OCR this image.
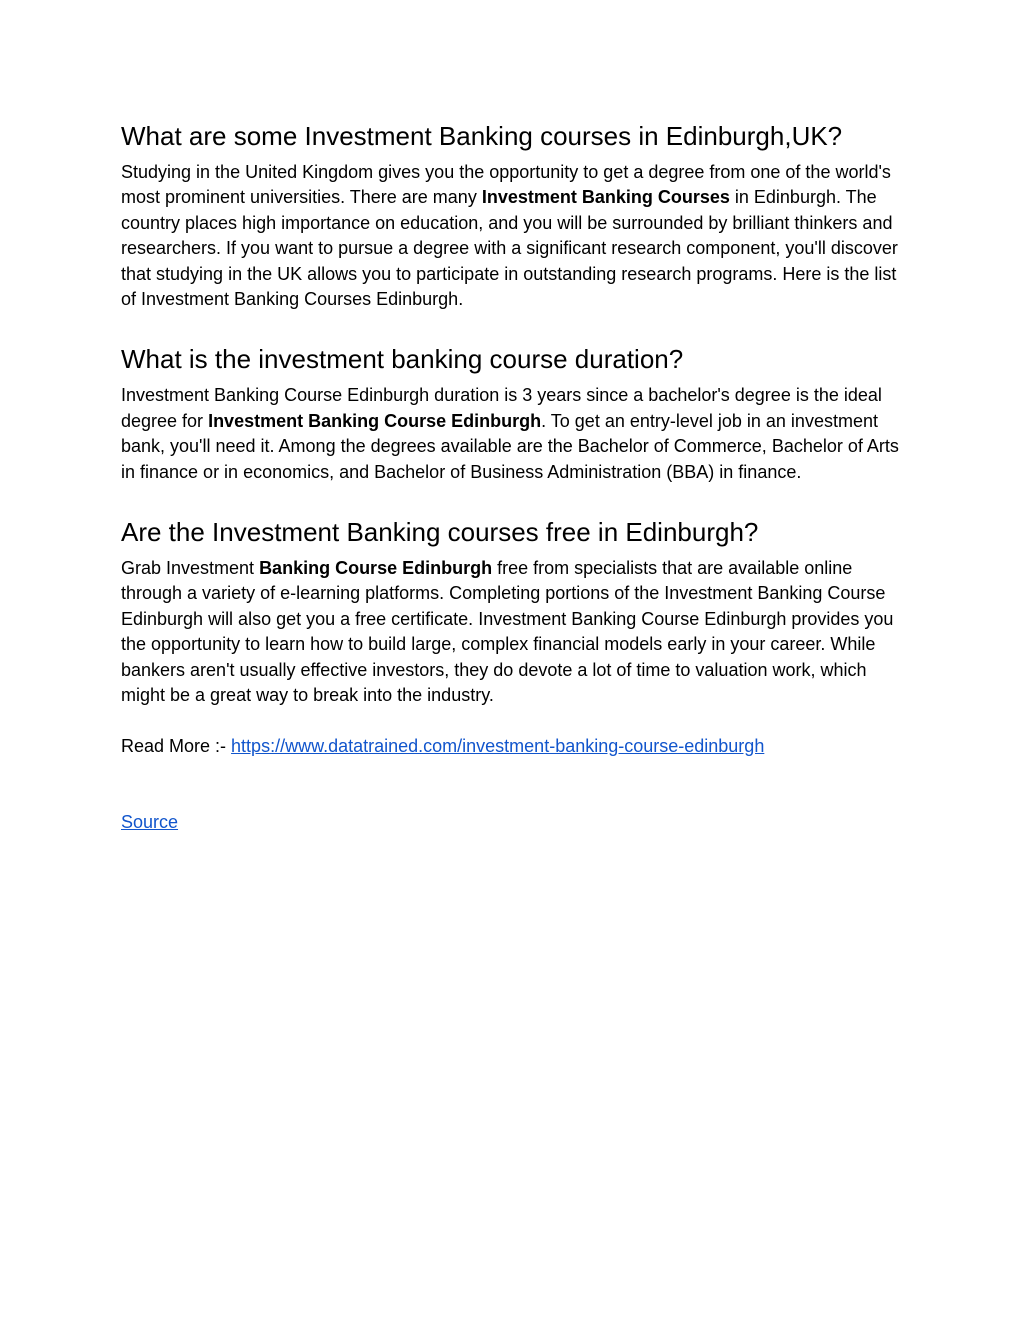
What are some Investment Banking courses in Edinburgh,UK?

Studying in the United Kingdom gives you the opportunity to get a degree from one of the world's most prominent universities. There are many Investment Banking Courses in Edinburgh. The country places high importance on education, and you will be surrounded by brilliant thinkers and researchers. If you want to pursue a degree with a significant research component, you'll discover that studying in the UK allows you to participate in outstanding research programs. Here is the list of Investment Banking Courses Edinburgh.

What is the investment banking course duration?

Investment Banking Course Edinburgh duration is 3 years since a bachelor's degree is the ideal degree for Investment Banking Course Edinburgh. To get an entry-level job in an investment bank, you'll need it. Among the degrees available are the Bachelor of Commerce, Bachelor of Arts in finance or in economics, and Bachelor of Business Administration (BBA) in finance.

Are the Investment Banking courses free in Edinburgh?

Grab Investment Banking Course Edinburgh free from specialists that are available online through a variety of e-learning platforms. Completing portions of the Investment Banking Course Edinburgh will also get you a free certificate. Investment Banking Course Edinburgh provides you the opportunity to learn how to build large, complex financial models early in your career. While bankers aren't usually effective investors, they do devote a lot of time to valuation work, which might be a great way to break into the industry.

Read More :- https://www.datatrained.com/investment-banking-course-edinburgh

Source
